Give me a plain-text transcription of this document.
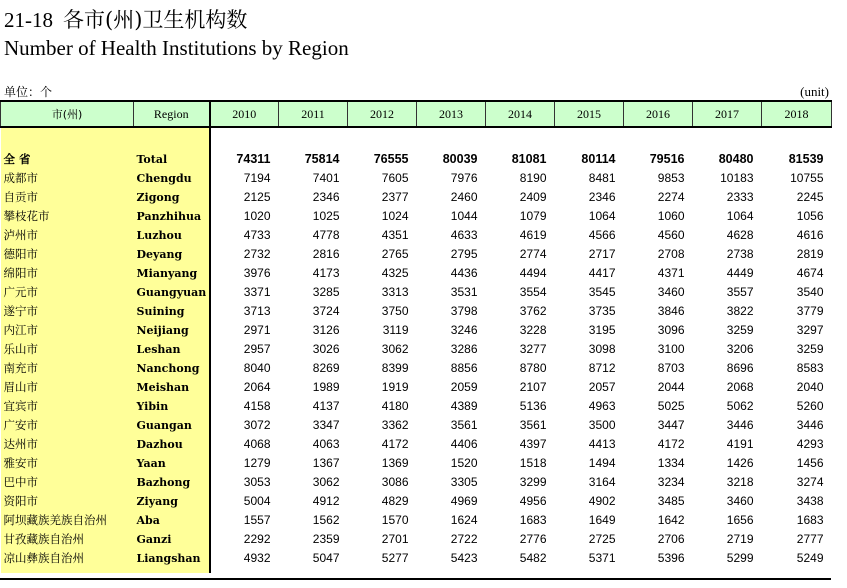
21-18 各市(州)卫生机构数
Number of Health Institutions by Region
单位：个	(unit)
市(州)	Region	2010	2011	2012	2013	2014	2015	2016	2017	2018

全 省	Total	74311	75814	76555	80039	81081	80114	79516	80480	81539
成都市	Chengdu	7194	7401	7605	7976	8190	8481	9853	10183	10755
自贡市	Zigong	2125	2346	2377	2460	2409	2346	2274	2333	2245
攀枝花市	Panzhihua	1020	1025	1024	1044	1079	1064	1060	1064	1056
泸州市	Luzhou	4733	4778	4351	4633	4619	4566	4560	4628	4616
德阳市	Deyang	2732	2816	2765	2795	2774	2717	2708	2738	2819
绵阳市	Mianyang	3976	4173	4325	4436	4494	4417	4371	4449	4674
广元市	Guangyuan	3371	3285	3313	3531	3554	3545	3460	3557	3540
遂宁市	Suining	3713	3724	3750	3798	3762	3735	3846	3822	3779
内江市	Neijiang	2971	3126	3119	3246	3228	3195	3096	3259	3297
乐山市	Leshan	2957	3026	3062	3286	3277	3098	3100	3206	3259
南充市	Nanchong	8040	8269	8399	8856	8780	8712	8703	8696	8583
眉山市	Meishan	2064	1989	1919	2059	2107	2057	2044	2068	2040
宜宾市	Yibin	4158	4137	4180	4389	5136	4963	5025	5062	5260
广安市	Guangan	3072	3347	3362	3561	3561	3500	3447	3446	3446
达州市	Dazhou	4068	4063	4172	4406	4397	4413	4172	4191	4293
雅安市	Yaan	1279	1367	1369	1520	1518	1494	1334	1426	1456
巴中市	Bazhong	3053	3062	3086	3305	3299	3164	3234	3218	3274
资阳市	Ziyang	5004	4912	4829	4969	4956	4902	3485	3460	3438
阿坝藏族羌族自治州	Aba	1557	1562	1570	1624	1683	1649	1642	1656	1683
甘孜藏族自治州	Ganzi	2292	2359	2701	2722	2776	2725	2706	2719	2777
凉山彝族自治州	Liangshan	4932	5047	5277	5423	5482	5371	5396	5299	5249
